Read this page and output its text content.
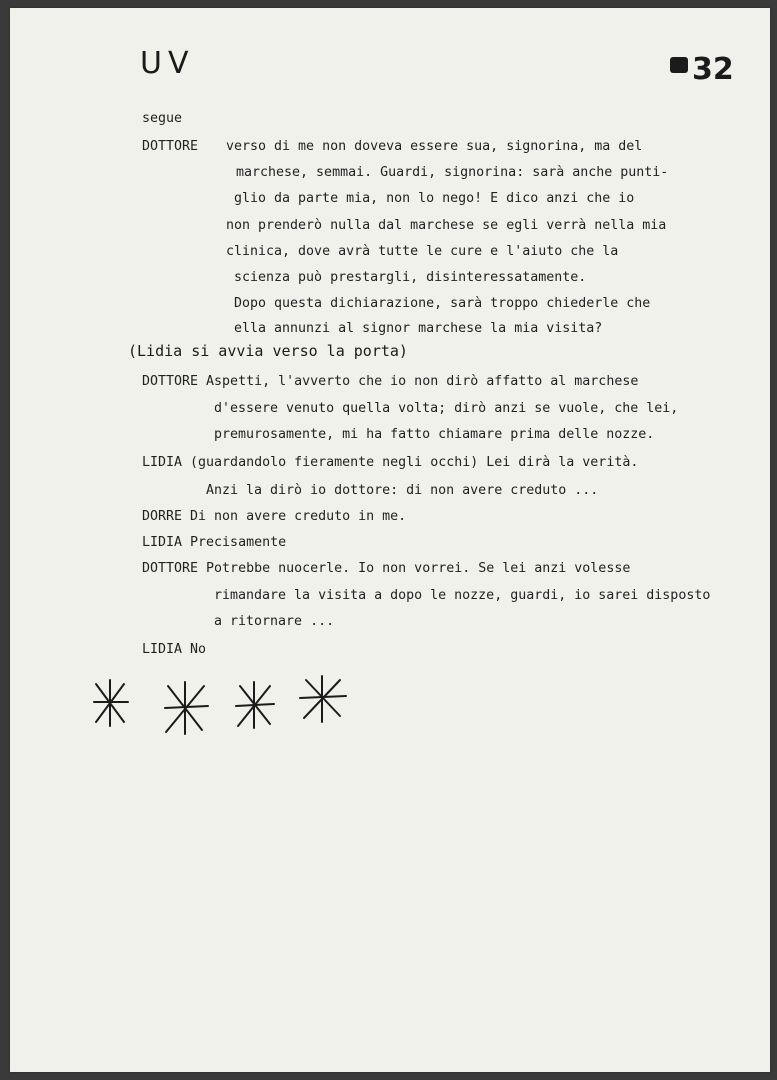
UV	32
segue
DOTTORE verso di me non doveva essere sua, signorina, ma del
marchese, semmai. Guardi, signorina: sarà anche punti-
glio da parte mia, non lo nego! E dico anzi che io
non prenderò nulla dal marchese se egli verrà nella mia
clinica, dove avrà tutte le cure e l'aiuto che la
scienza può prestargli, disinteressatamente.
Dopo questa dichiarazione, sarà troppo chiederle che
ella annunzi al signor marchese la mia visita?
(Lidia si avvia verso la porta)
DOTTORE Aspetti, l'avverto che io non dirò affatto al marchese
d'essere venuto quella volta; dirò anzi se vuole, che lei,
premurosamente, mi ha fatto chiamare prima delle nozze.
LIDIA (guardandolo fieramente negli occhi) Lei dirà la verità.
Anzi la dirò io dottore: di non avere creduto ...
DORRE Di non avere creduto in me.
LIDIA Precisamente
DOTTORE Potrebbe nuocerle. Io non vorrei. Se lei anzi volesse
rimandare la visita a dopo le nozze, guardi, io sarei disposto
a ritornare ...
LIDIA No
